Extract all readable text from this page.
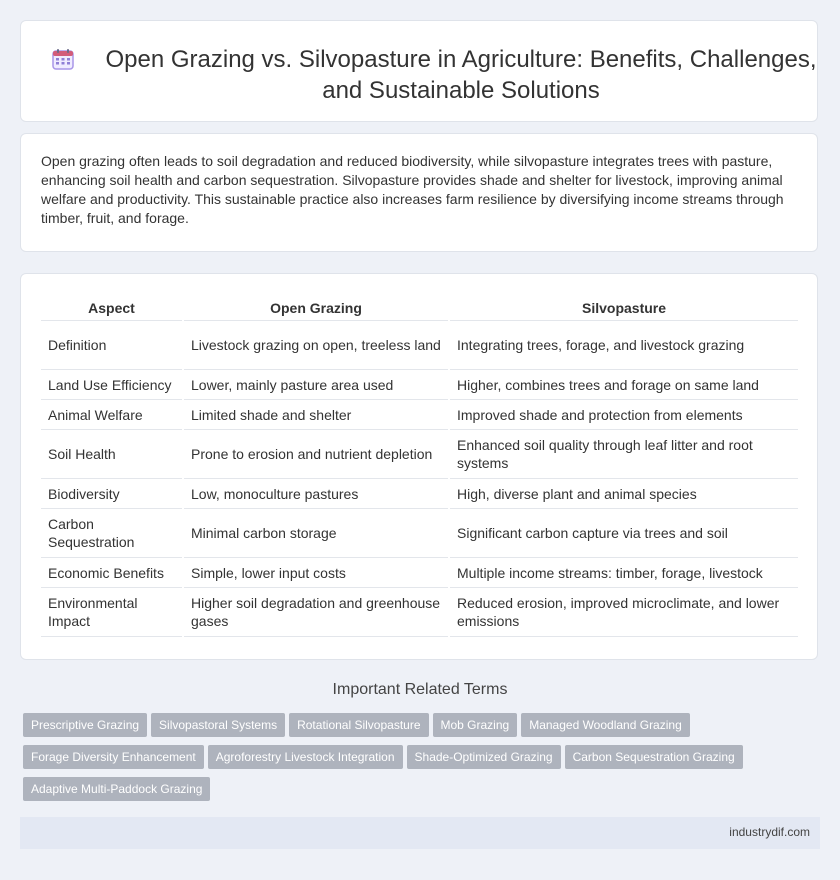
Open Grazing vs. Silvopasture in Agriculture: Benefits, Challenges, and Sustainable Solutions

Open grazing often leads to soil degradation and reduced biodiversity, while silvopasture integrates trees with pasture, enhancing soil health and carbon sequestration. Silvopasture provides shade and shelter for livestock, improving animal welfare and productivity. This sustainable practice also increases farm resilience by diversifying income streams through timber, fruit, and forage.

Aspect	Open Grazing	Silvopasture
Definition	Livestock grazing on open, treeless land	Integrating trees, forage, and livestock grazing
Land Use Efficiency	Lower, mainly pasture area used	Higher, combines trees and forage on same land
Animal Welfare	Limited shade and shelter	Improved shade and protection from elements
Soil Health	Prone to erosion and nutrient depletion	Enhanced soil quality through leaf litter and root systems
Biodiversity	Low, monoculture pastures	High, diverse plant and animal species
Carbon Sequestration	Minimal carbon storage	Significant carbon capture via trees and soil
Economic Benefits	Simple, lower input costs	Multiple income streams: timber, forage, livestock
Environmental Impact	Higher soil degradation and greenhouse gases	Reduced erosion, improved microclimate, and lower emissions
Important Related Terms
Prescriptive Grazing Silvopastoral Systems Rotational Silvopasture Mob Grazing Managed Woodland Grazing
Forage Diversity Enhancement Agroforestry Livestock Integration Shade-Optimized Grazing Carbon Sequestration Grazing
Adaptive Multi-Paddock Grazing
industrydif.com
